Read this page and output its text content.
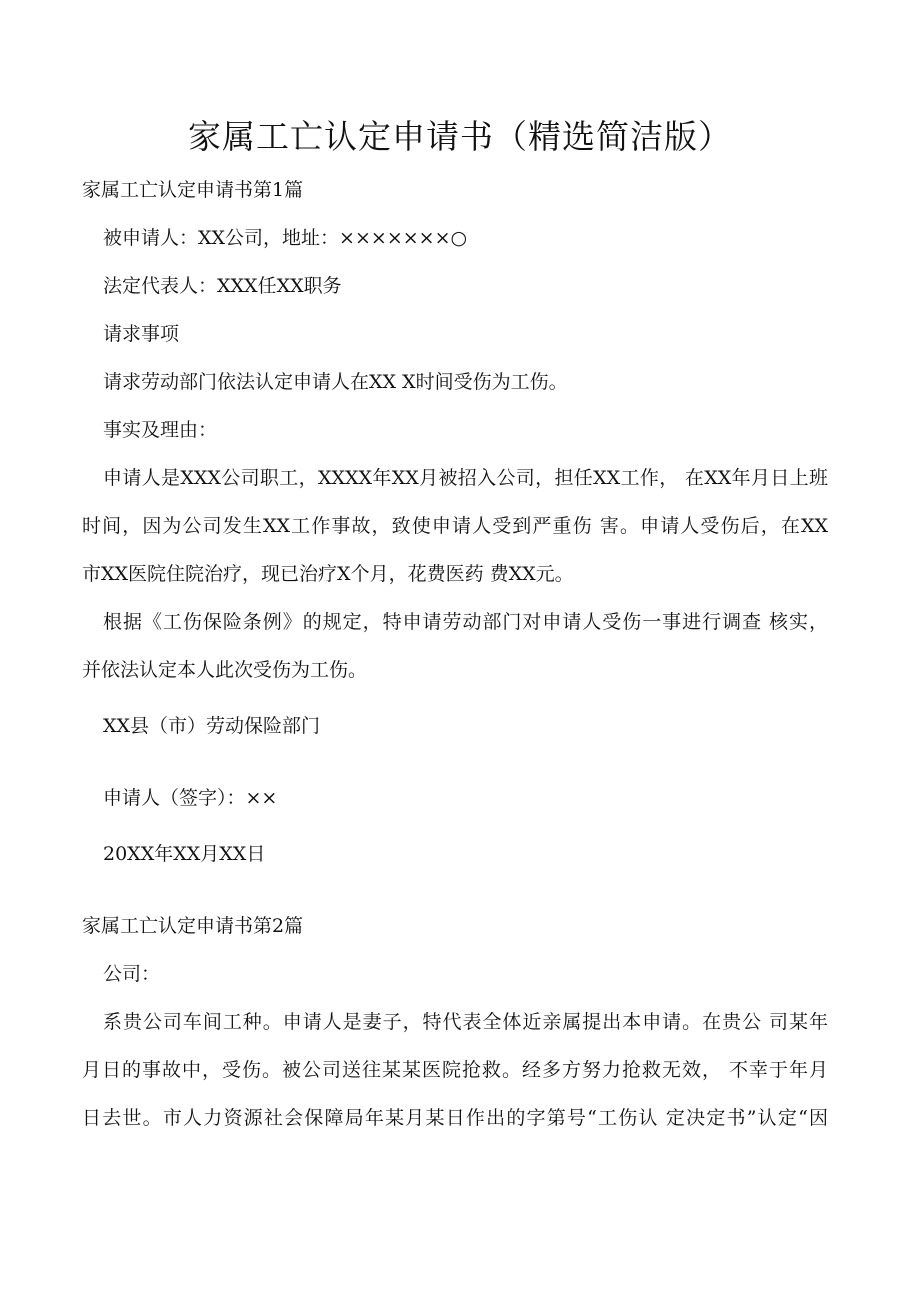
家属工亡认定申请书（精选简洁版）

家属工亡认定申请书第1篇

被申请人：XX公司，地址：×××××××○

法定代表人：XXX任XX职务

请求事项

请求劳动部门依法认定申请人在XX X时间受伤为工伤。

事实及理由：

申请人是XXX公司职工，XXXX年XX月被招入公司，担任XX工作， 在XX年月日上班

时间，因为公司发生XX工作事故，致使申请人受到严重伤 害。申请人受伤后，在XX

市XX医院住院治疗，现已治疗X个月，花费医药 费XX元。

根据《工伤保险条例》的规定，特申请劳动部门对申请人受伤一事进行调查 核实，

并依法认定本人此次受伤为工伤。

XX县（市）劳动保险部门

申请人（签字）：××

20XX年XX月XX日

家属工亡认定申请书第2篇

公司：

系贵公司车间工种。申请人是妻子，特代表全体近亲属提出本申请。在贵公 司某年

月日的事故中，受伤。被公司送往某某医院抢救。经多方努力抢救无效， 不幸于年月

日去世。市人力资源社会保障局年某月某日作出的字第号“工伤认 定决定书”认定“因
